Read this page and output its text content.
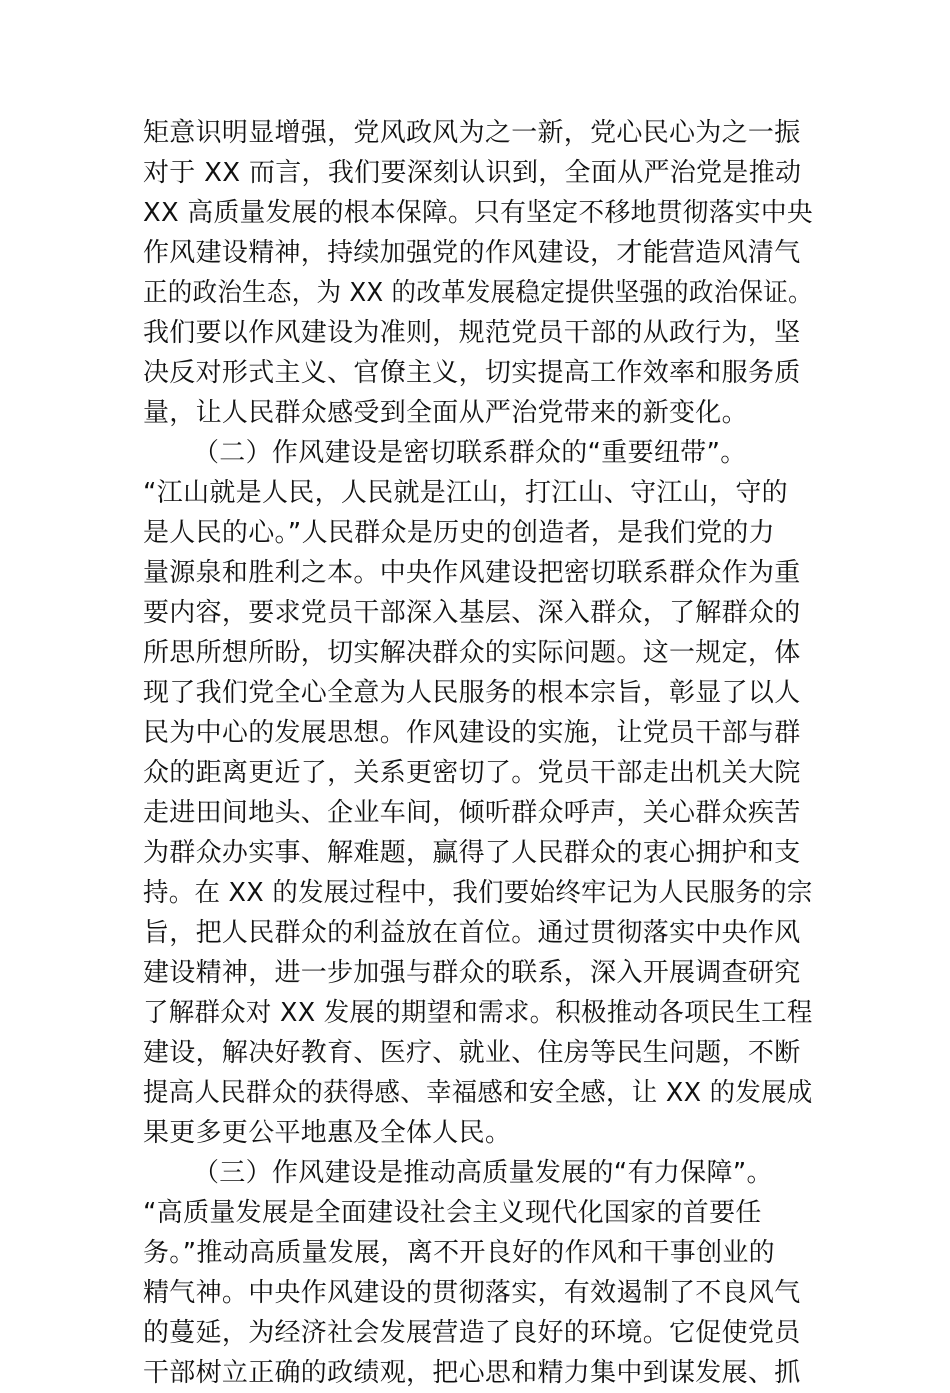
矩意识明显增强，党风政风为之一新，党心民心为之一振
对于 XX 而言，我们要深刻认识到，全面从严治党是推动
XX 高质量发展的根本保障。只有坚定不移地贯彻落实中央
作风建设精神，持续加强党的作风建设，才能营造风清气
正的政治生态，为 XX 的改革发展稳定提供坚强的政治保证。
我们要以作风建设为准则，规范党员干部的从政行为，坚
决反对形式主义、官僚主义，切实提高工作效率和服务质
量，让人民群众感受到全面从严治党带来的新变化。
（二）作风建设是密切联系群众的“重要纽带”。
“江山就是人民，人民就是江山，打江山、守江山，守的
是人民的心。”人民群众是历史的创造者，是我们党的力
量源泉和胜利之本。中央作风建设把密切联系群众作为重
要内容，要求党员干部深入基层、深入群众，了解群众的
所思所想所盼，切实解决群众的实际问题。这一规定，体
现了我们党全心全意为人民服务的根本宗旨，彰显了以人
民为中心的发展思想。作风建设的实施，让党员干部与群
众的距离更近了，关系更密切了。党员干部走出机关大院
走进田间地头、企业车间，倾听群众呼声，关心群众疾苦
为群众办实事、解难题，赢得了人民群众的衷心拥护和支
持。在 XX 的发展过程中，我们要始终牢记为人民服务的宗
旨，把人民群众的利益放在首位。通过贯彻落实中央作风
建设精神，进一步加强与群众的联系，深入开展调查研究
了解群众对 XX 发展的期望和需求。积极推动各项民生工程
建设，解决好教育、医疗、就业、住房等民生问题，不断
提高人民群众的获得感、幸福感和安全感，让 XX 的发展成
果更多更公平地惠及全体人民。
（三）作风建设是推动高质量发展的“有力保障”。
“高质量发展是全面建设社会主义现代化国家的首要任
务。”推动高质量发展，离不开良好的作风和干事创业的
精气神。中央作风建设的贯彻落实，有效遏制了不良风气
的蔓延，为经济社会发展营造了良好的环境。它促使党员
干部树立正确的政绩观，把心思和精力集中到谋发展、抓
